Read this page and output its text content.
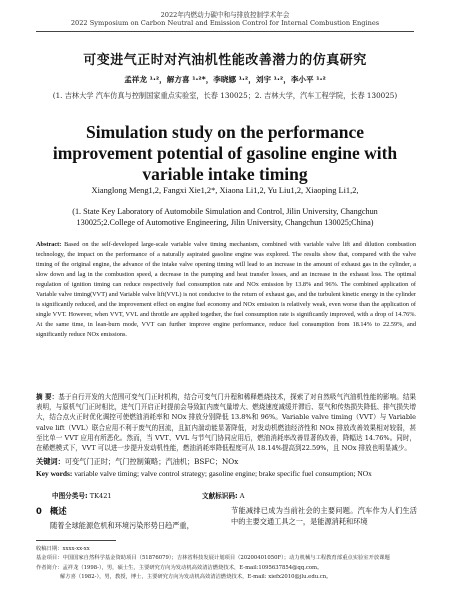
2022年内燃动力碳中和与排放控制学术年会
2022 Symposium on Carbon Neutral and Emission Control for Internal Combustion Engines
可变进气正时对汽油机性能改善潜力的仿真研究
孟祥龙 ¹·²，解方喜 ¹·²*，李晓娜 ¹·²，刘宇 ¹·²，李小平 ¹·²
(1. 吉林大学 汽车仿真与控制国家重点实验室，长春 130025；2. 吉林大学，汽车工程学院，长春 130025)
Simulation study on the performance improvement potential of gasoline engine with variable intake timing
Xianglong Meng1,2, Fangxi Xie1,2*, Xiaona Li1,2, Yu Liu1,2, Xiaoping Li1,2,
(1. State Key Laboratory of Automobile Simulation and Control, Jilin University, Changchun 130025;2.College of Automotive Engineering, Jilin University, Changchun 130025;China)
Abstract: Based on the self-developed large-scale variable valve timing mechanism, combined with variable valve lift and dilution combustion technology, the impact on the performance of a naturally aspirated gasoline engine was explored. The results show that, compared with the valve timing of the original engine, the advance of the intake valve opening timing will lead to an increase in the amount of exhaust gas in the cylinder, a slow down and lag in the combustion speed, a decrease in the pumping and heat transfer losses, and an increase in the exhaust loss. The optimal regulation of ignition timing can reduce respectively fuel consumption rate and NOx emission by 13.8% and 96%. The combined application of Variable valve timing(VVT) and Variable valve lift(VVL) is not conducive to the return of exhaust gas, and the turbulent kinetic energy in the cylinder is significantly reduced, and the improvement effect on engine fuel economy and NOx emission is relatively weak, even worse than the application of single VVT. However, when VVT, VVL and throttle are applied together, the fuel consumption rate is significantly improved, with a drop of 14.76%. At the same time, in lean-burn mode, VVT can further improve engine performance, reduce fuel consumption from 18.14% to 22.59%, and significantly reduce NOx emissions.
摘 要：基于自行开发的大范围可变气门正时机构，结合可变气门升程和稀释燃烧技术，探索了对自然吸气汽油机性能的影响。结果表明，与原机气门正时相比，进气门开启正时提前会导致缸内废气量增大、燃烧速度减缓并滞后、泵气和传热损失降低、排气损失增大，结合点火正时优化调控可使燃油消耗率和 NOx 排放分别降低 13.8%和 96%。Variable valve timing（VVT）与 Variable valve lift（VVL）联合应用不利于废气的回流，且缸内湍动能显著降低，对发动机燃油经济性和 NOx 排放改善效果相对较弱，甚至比单一 VVT 应用有所恶化。然而，当 VVT、VVL 与节气门协同应用后，燃油消耗率改善显著的改善，降幅达 14.76%。同时，在稀燃模式下，VVT 可以进一步提升发动机性能，燃油消耗率降低程度可从 18.14%提高到22.59%，且 NOx 排放也明显减少。
关键词：可变气门正时；气门控制策略；汽油机；BSFC；NOx
Key words: variable valve timing; valve control strategy; gasoline engine; brake specific fuel consumption; NOx
中图分类号: TK421	文献标识码: A
0 概述
随着全球能源危机和环境污染形势日趋严重，
节能减排已成为当前社会的主要问题。汽车作为人们生活中的主要交通工具之一，是能源消耗和环境
收稿日期：xxxx-xx-xx
基金项目：中国国家自然科学基金资助项目（51876079）；吉林省科技发展计划项目（20200401050F）；动力机械与工程教育部重点实验室开放课题
作者简介：孟祥龙（1998-），男，硕士生，主要研究方向为发动机高效清洁燃烧技术，E-mail:1095637854@qq.com。
解方喜（1982-），男，教授，博士，主要研究方向为发动机高效清洁燃烧技术，E-mail: xiefx2010@jlu.edu.cn。
